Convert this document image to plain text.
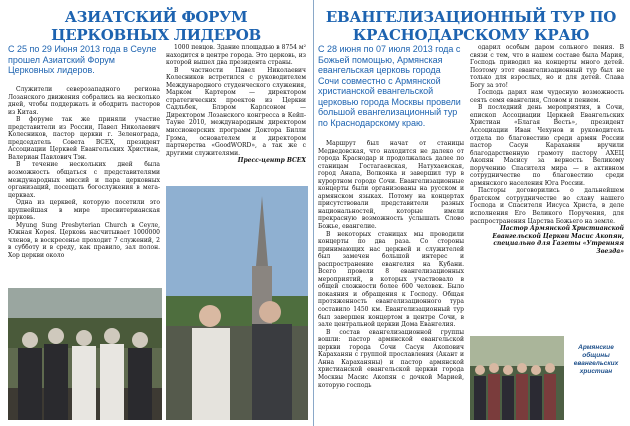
АЗИАТСКИЙ ФОРУМ ЦЕРКОВНЫХ ЛИДЕРОВ
С 25 по 29 Июня 2013 года в Сеуле прошел Азиатский Форум Церковных лидеров.

Служители северозападного региона Лозанского движения собрались на несколько дней, чтобы поддержать и ободрить пасторов из Китая.

В форуме так же приняли участие представители из России, Павел Николаевич Колесников, пастор церкви г. Зеленограда, председатель Совета ВСЕХ, президент Ассоциации Церквей Евангельских Христиан, Валериан Павлович Тэн.

В течение нескольких дней была возможность общаться с представителями международных миссий и пара церковных организаций, посещать богослужения в мега-церквах.

Одна из церквей, которую посетили это крупнейшая в мире пресвитерианская церковь.

Myung Sung Presbyterian Church в Сеуле, Южная Корея. Церковь насчитывает 1000000 членов, в воскресенье проходит 7 служений, 2 в субботу и в среду, как правило, зал полон. Хор церкви около

1000 певцов. Здание площадью в 8754 м² находится в центре города. Это церковь, из которой вышел два президента страны.

В частности Павел Николаевич Колесников встретился с руководителем Международного студенческого служения, Марком Картером — директором стратегических проектов из Церкви Садльбек, Блэром Карлсоном — Директором Лозанского конгресса в Кейп-Тауне 2010, международным директором миссионерских программ Доктора Билли Грэма, основателем и директором партнерства «GoodWORD», а так же с другими служителями.

Пресс-центр ВСЕХ

ЕВАНГЕЛИЗАЦИОННЫЙ ТУР ПО КРАСНОДАРСКОМУ КРАЮ
С 28 июня по 07 июля 2013 года с Божьей помощью, Армянская евангельская церковь города Сочи совместно с Армянской христианской евангельской церковью города Москвы провели большой евангелизационный тур по Краснодарскому краю.

Маршрут был начат от станицы Медведовская, что находится не далеко от города Краснодар и продолжалась далее по станицам Гостагаевская, Натухаевская, город Анапа, Волконка и завершил тур в курортном городе Сочи. Евангелизационные концерты были организованы на русском и армянском языках. Потому на концертах присутствовали представители разных национальностей, которые имели прекрасную возможность услышать Слово Божье, евангелие.

В некоторых станицах мы проводили концерты по два раза. Со стороны принимающих нас церквей и служителей был замечен большой интерес и распространение евангелия на Кубани. Всего провели 8 евангелизационных мероприятий, в которых участвовало в общей сложности более 600 человек. Было покаяния и обращения к Господу. Общая протяженность евангелизационного тура составило 1450 км. Евангелизационный тур был завершен концертом в центре Сочи, в зале центральной церкви Дома Евангелия.

В состав евангелизационной группы вошли: пастор армянской евангельской церкви города Сочи Сасун Акопович Караханян с группой прославления (Акант и Анна Караханяны) и пастор армянской христианской евангельской церкви города Москвы Масис Акопян с дочкой Марией, которую господь

одарил особым даром сольного пения. В связи с тем, что в нашем составе была Мария, Господь приводил на концерты много детей. Поэтому этот евангелизационный тур был не только для взрослых, но и для детей. Слава Богу за это!

Господь дарил нам чудесную возможность сеять семя евангелия, Словом и пением.

В последний день мероприятия, в Сочи, епископ Ассоциации Церквей Евангельских Христиан «Благая Весть», президент Ассоциации Иван Чехунов и руководитель отдела по благовестию среди армян России пастор Сасун Караханян вручили благодарственную грамоту пастору АХЕЦ Акопян Масису за верность Великому поручению Спасителя мира — в активном сотрудничестве по благовестию среди армянского населения Юга России.

Пасторы договорились о дальнейшем братском сотрудничестве во славу нашего Господа и Спасителя Иисуса Христа, в деле исполнения Его Великого Поручения, для распространения Царства Божьего на земле.

Пастор Армянской Христианской Евангельской Церкви Масис Акопян, специально для Газеты «Утренняя Звезда»

Армянские общины евангельских христиан
